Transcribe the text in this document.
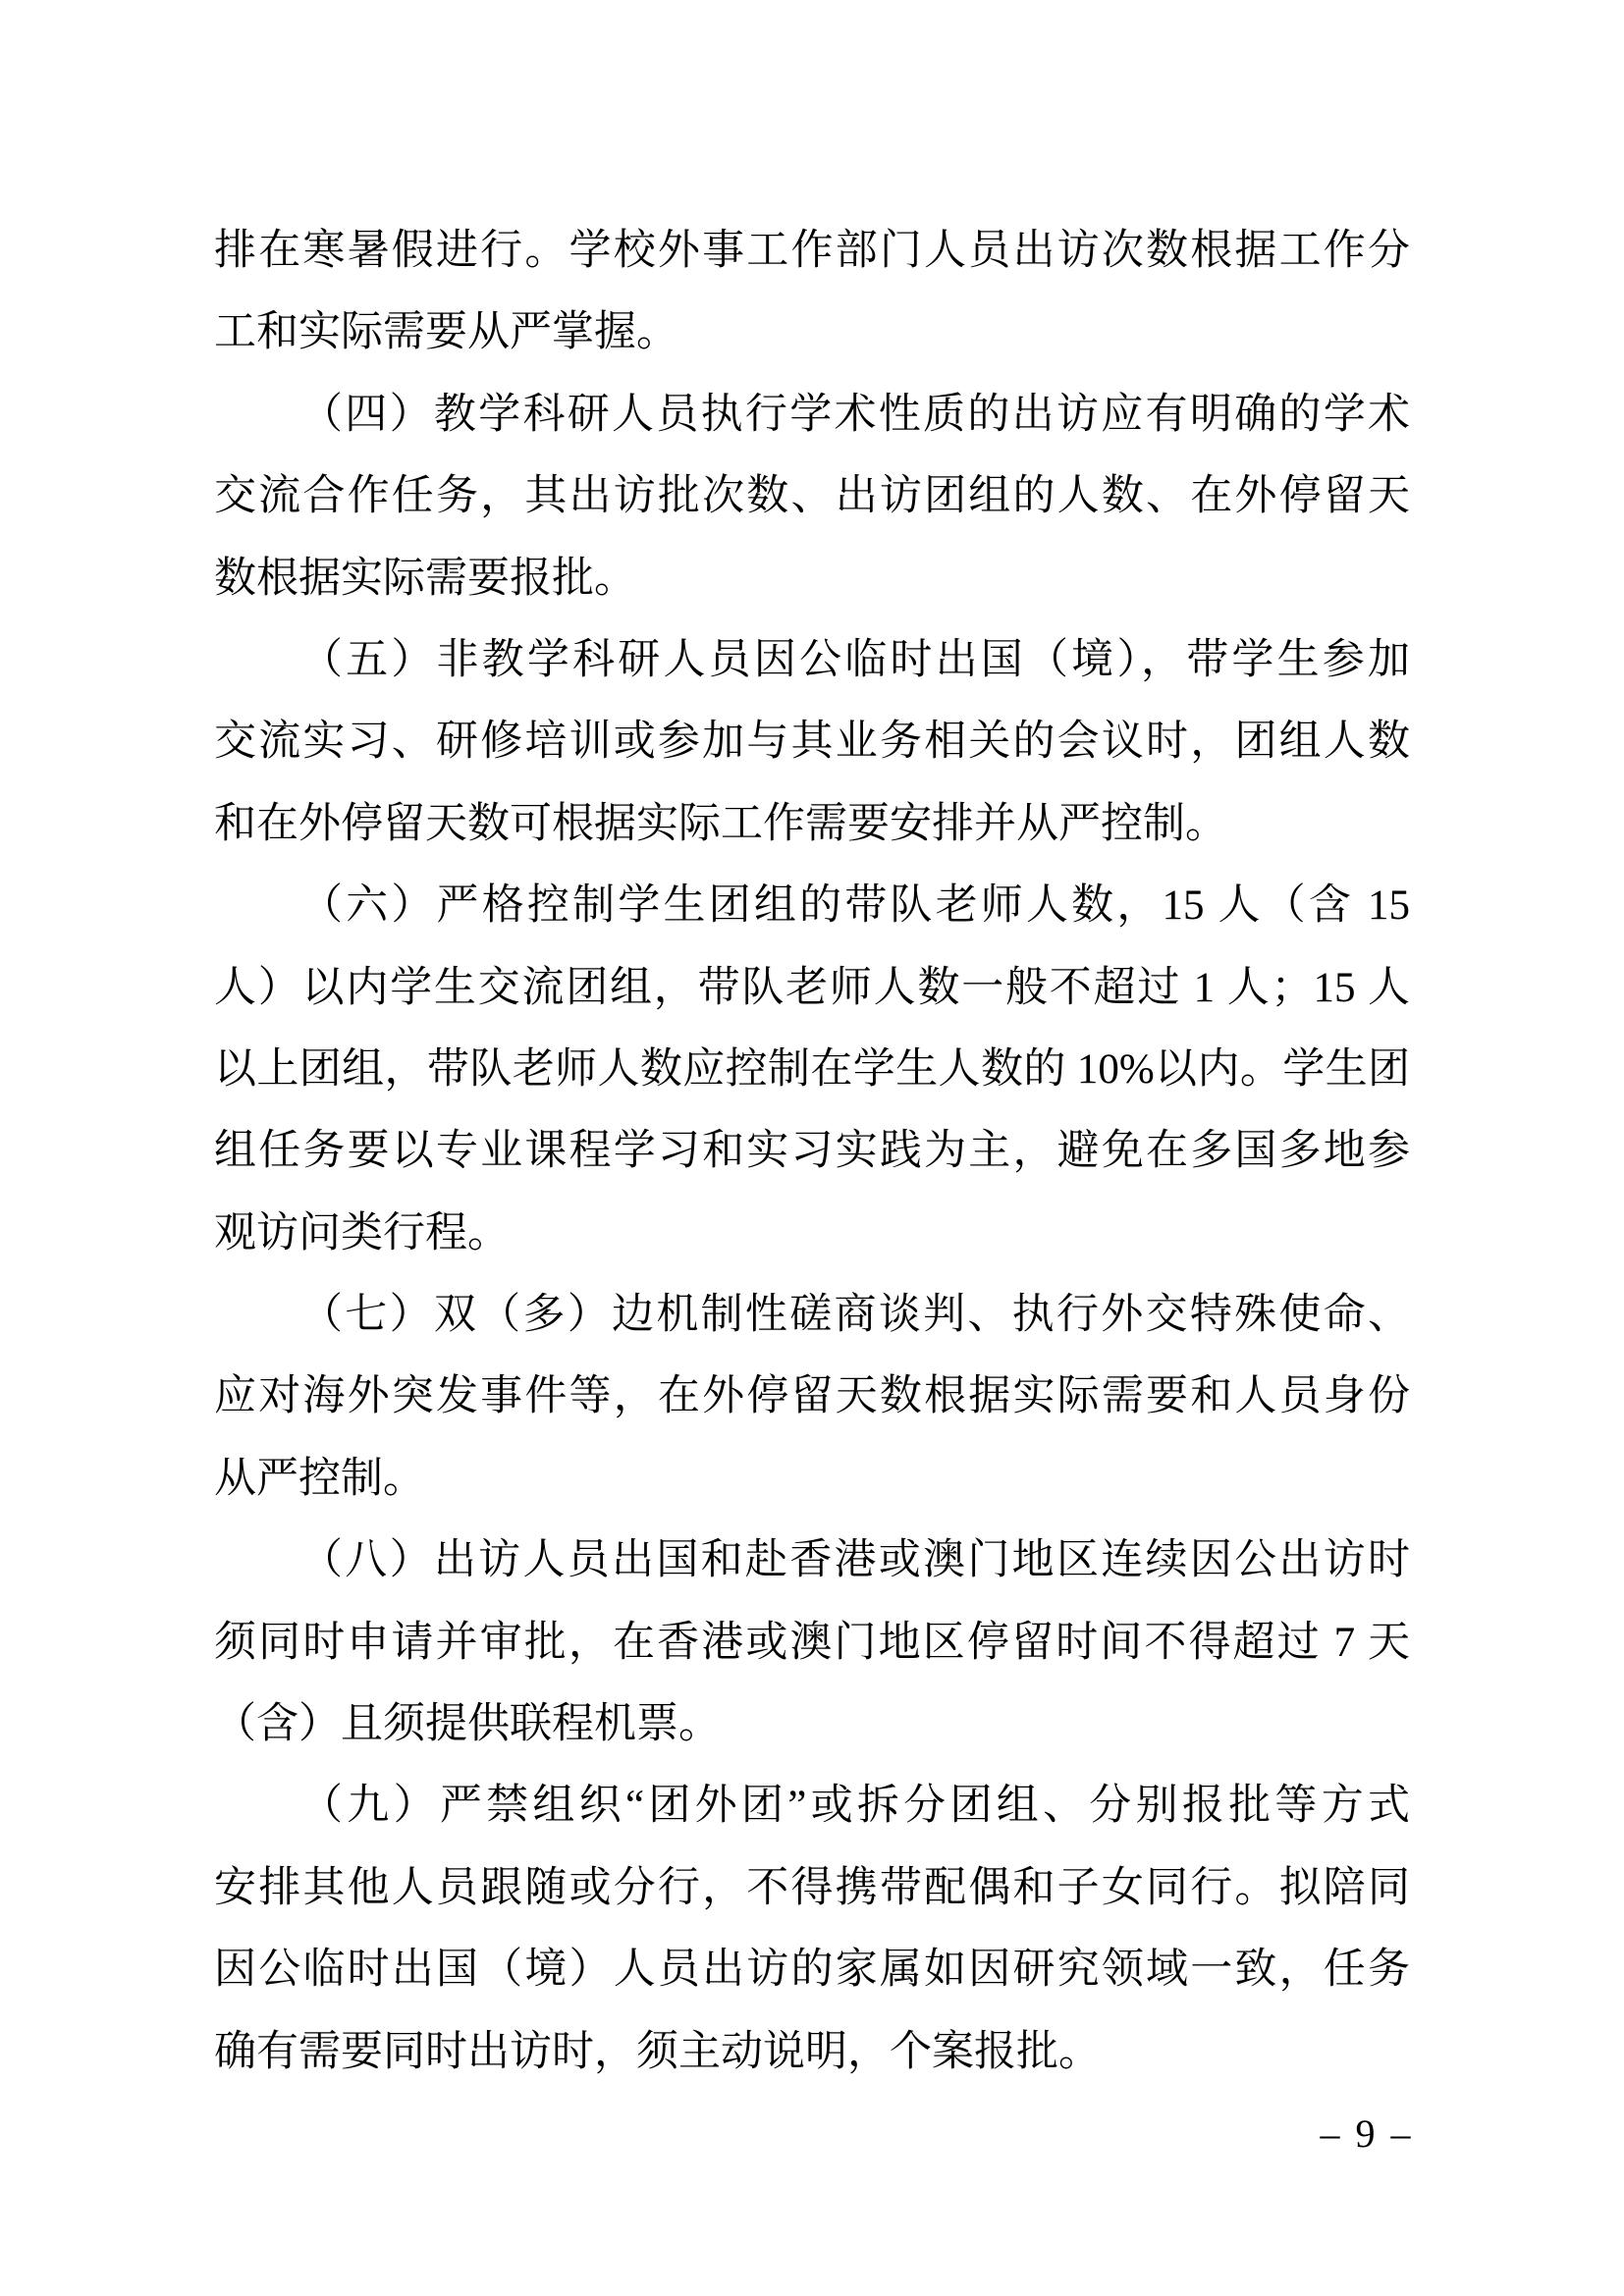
排在寒暑假进行。学校外事工作部门人员出访次数根据工作分
工和实际需要从严掌握。
（四）教学科研人员执行学术性质的出访应有明确的学术
交流合作任务，其出访批次数、出访团组的人数、在外停留天
数根据实际需要报批。
（五）非教学科研人员因公临时出国（境），带学生参加
交流实习、研修培训或参加与其业务相关的会议时，团组人数
和在外停留天数可根据实际工作需要安排并从严控制。
（六）严格控制学生团组的带队老师人数，15 人（含 15
人）以内学生交流团组，带队老师人数一般不超过 1 人；15 人
以上团组，带队老师人数应控制在学生人数的 10%以内。学生团
组任务要以专业课程学习和实习实践为主，避免在多国多地参
观访问类行程。
（七）双（多）边机制性磋商谈判、执行外交特殊使命、
应对海外突发事件等，在外停留天数根据实际需要和人员身份
从严控制。
（八）出访人员出国和赴香港或澳门地区连续因公出访时
须同时申请并审批，在香港或澳门地区停留时间不得超过 7 天
（含）且须提供联程机票。
（九）严禁组织“团外团”或拆分团组、分别报批等方式
安排其他人员跟随或分行，不得携带配偶和子女同行。拟陪同
因公临时出国（境）人员出访的家属如因研究领域一致，任务
确有需要同时出访时，须主动说明，个案报批。
– 9 –
